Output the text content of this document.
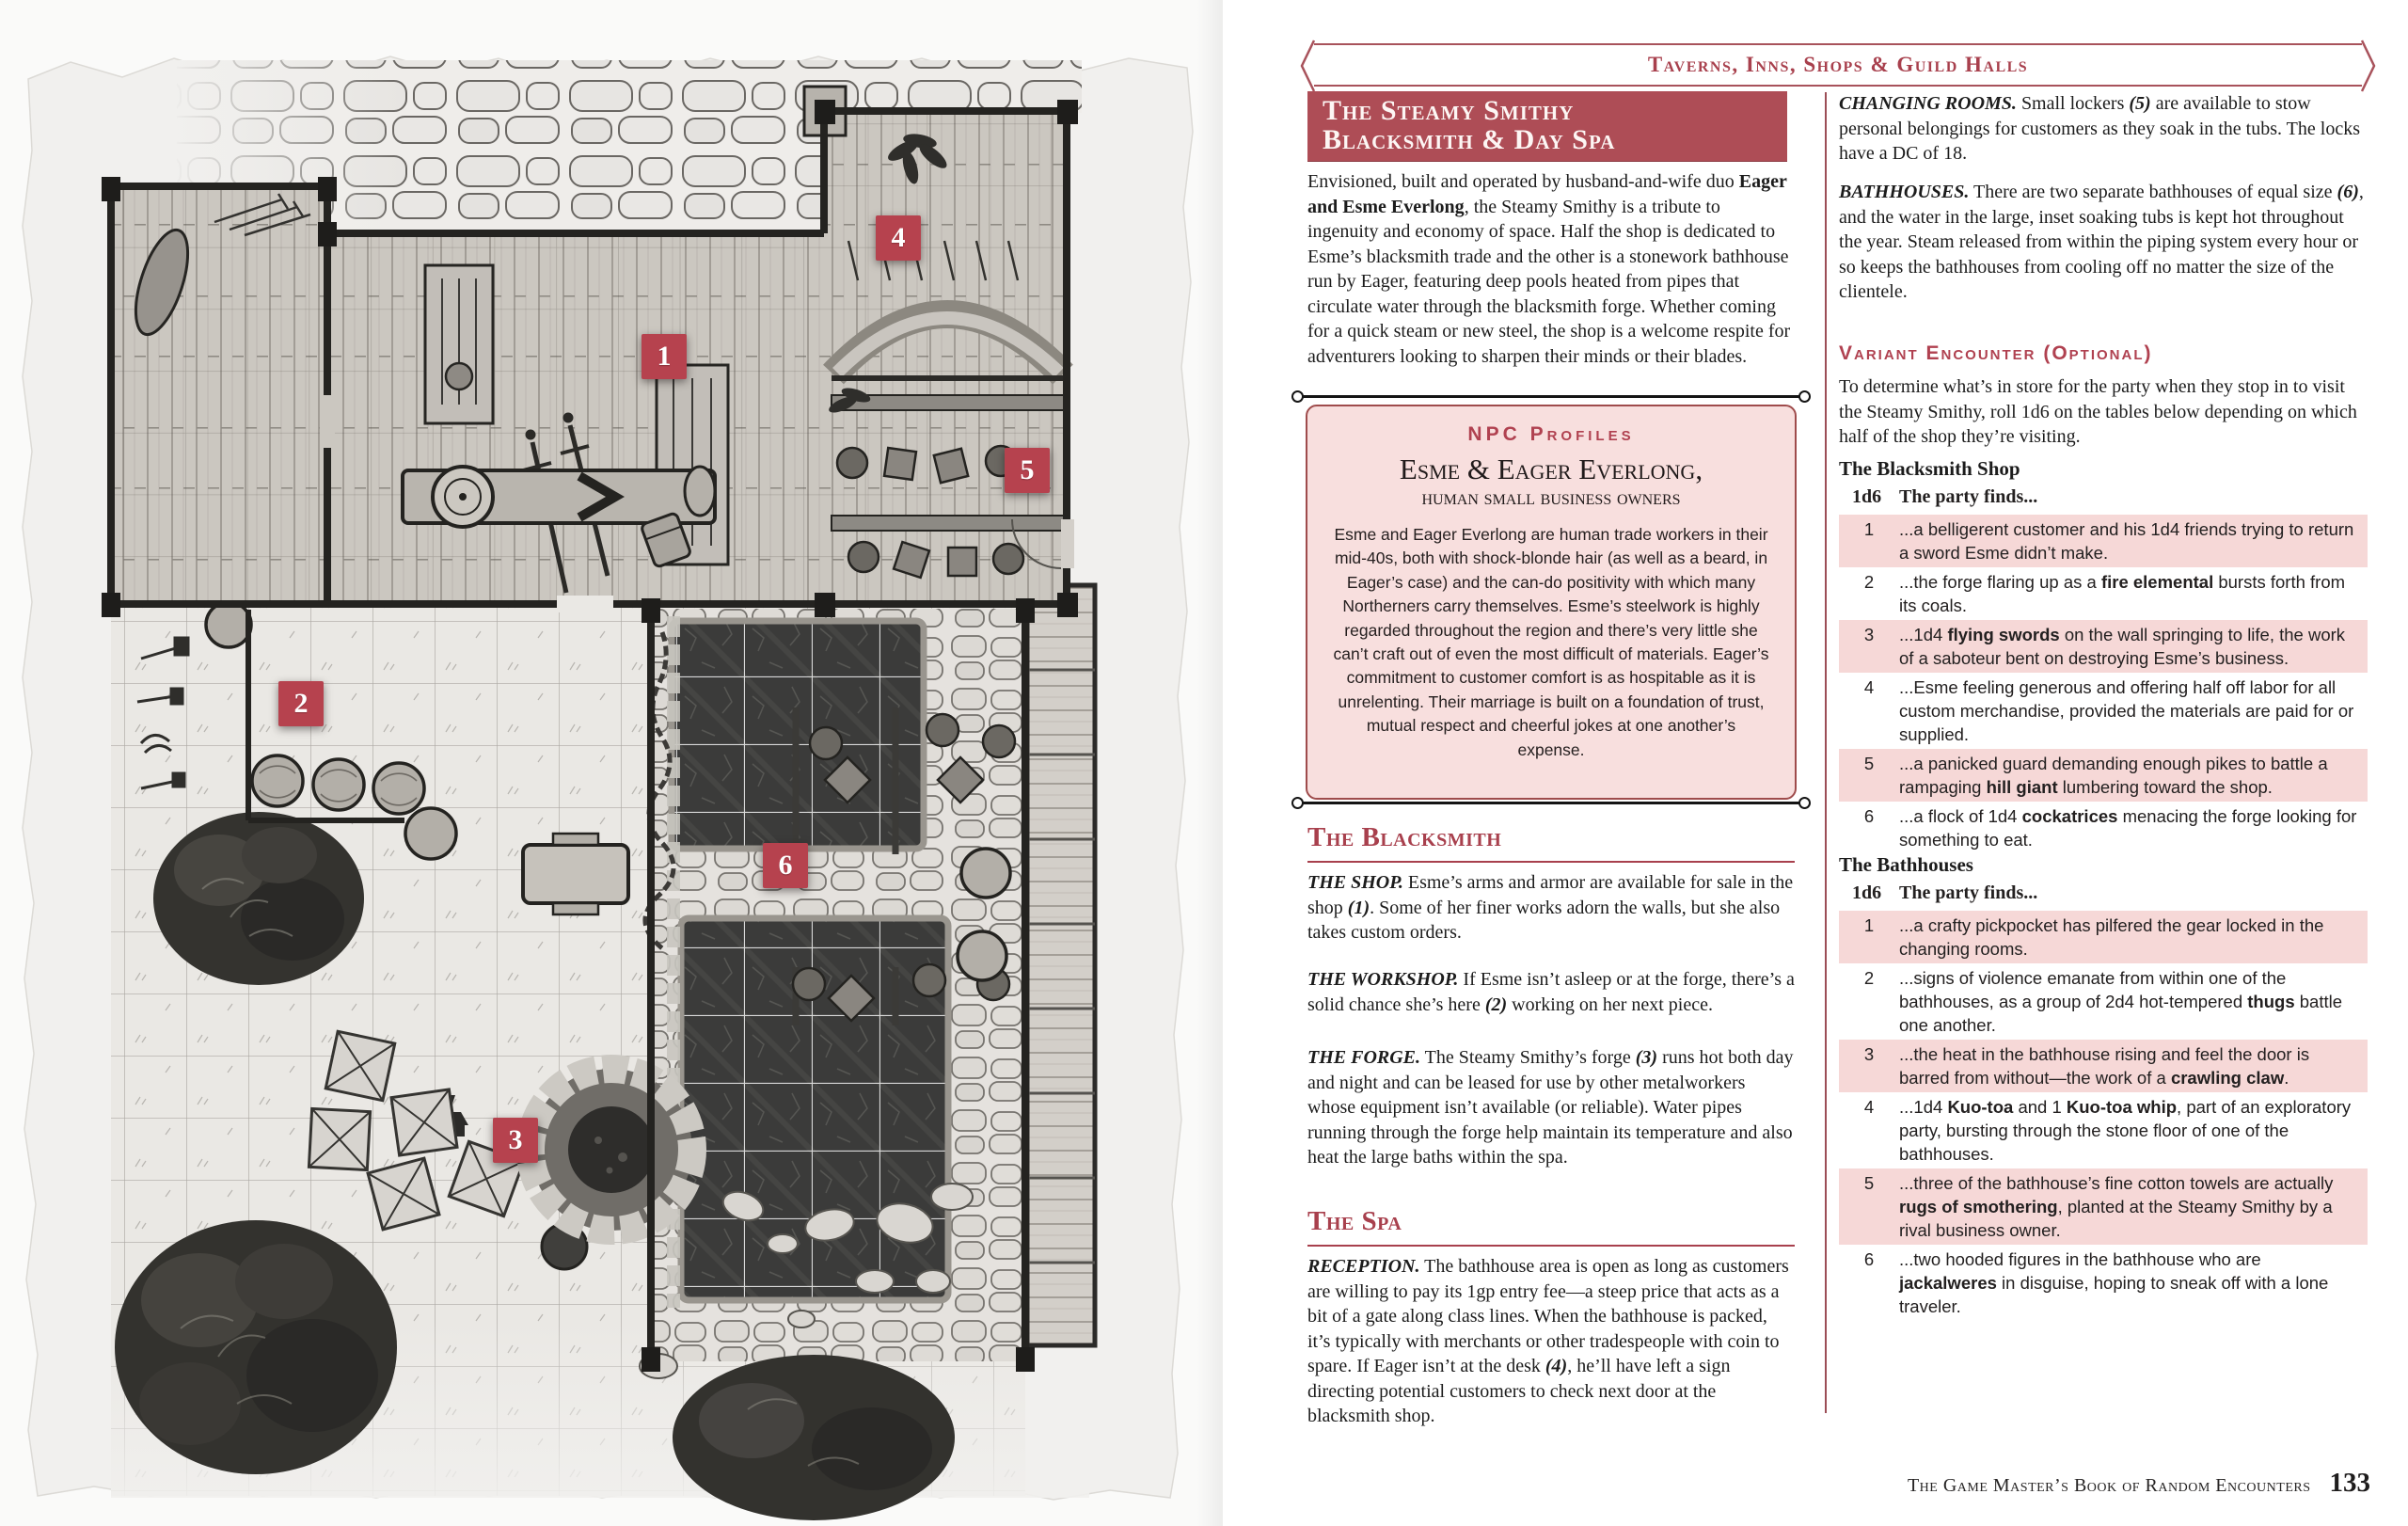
1
2
3
4
5
6
Taverns, Inns, Shops & Guild Halls
The Steamy Smithy
Blacksmith & Day Spa
Envisioned, built and operated by husband-and-wife duo Eager and Esme Everlong, the Steamy Smithy is a tribute to ingenuity and economy of space. Half the shop is dedicated to Esme’s blacksmith trade and the other is a stonework bathhouse run by Eager, featuring deep pools heated from pipes that circulate water through the blacksmith forge. Whether coming for a quick steam or new steel, the shop is a welcome respite for adventurers looking to sharpen their minds or their blades.
NPC Profiles
Esme & Eager Everlong,
human small business owners
Esme and Eager Everlong are human trade workers in their mid-40s, both with shock-blonde hair (as well as a beard, in Eager’s case) and the can-do positivity with which many Northerners carry themselves. Esme’s steelwork is highly regarded throughout the region and there’s very little she can’t craft out of even the most difficult of materials. Eager’s commitment to customer comfort is as hospitable as it is unrelenting. Their marriage is built on a foundation of trust, mutual respect and cheerful jokes at one another’s expense.
The Blacksmith
THE SHOP. Esme’s arms and armor are available for sale in the shop (1). Some of her finer works adorn the walls, but she also takes custom orders.
THE WORKSHOP. If Esme isn’t asleep or at the forge, there’s a solid chance she’s here (2) working on her next piece.
THE FORGE. The Steamy Smithy’s forge (3) runs hot both day and night and can be leased for use by other metalworkers whose equipment isn’t available (or reliable). Water pipes running through the forge help maintain its temperature and also heat the large baths within the spa.
The Spa
RECEPTION. The bathhouse area is open as long as customers are willing to pay its 1gp entry fee—a steep price that acts as a bit of a gate along class lines. When the bathhouse is packed, it’s typically with merchants or other tradespeople with coin to spare. If Eager isn’t at the desk (4), he’ll have left a sign directing potential customers to check next door at the blacksmith shop.
CHANGING ROOMS. Small lockers (5) are available to stow personal belongings for customers as they soak in the tubs. The locks have a DC of 18.
BATHHOUSES. There are two separate bathhouses of equal size (6), and the water in the large, inset soaking tubs is kept hot throughout the year. Steam released from within the piping system every hour or so keeps the bathhouses from cooling off no matter the size of the clientele.
Variant Encounter (Optional)
To determine what’s in store for the party when they stop in to visit the Steamy Smithy, roll 1d6 on the tables below depending on which half of the shop they’re visiting.
The Blacksmith Shop
1d6	The party finds...
1	...a belligerent customer and his 1d4 friends trying to return a sword Esme didn’t make.
2	...the forge flaring up as a fire elemental bursts forth from its coals.
3	...1d4 flying swords on the wall springing to life, the work of a saboteur bent on destroying Esme’s business.
4	...Esme feeling generous and offering half off labor for all custom merchandise, provided the materials are paid for or supplied.
5	...a panicked guard demanding enough pikes to battle a rampaging hill giant lumbering toward the shop.
6	...a flock of 1d4 cockatrices menacing the forge looking for something to eat.
The Bathhouses
1d6	The party finds...
1	...a crafty pickpocket has pilfered the gear locked in the changing rooms.
2	...signs of violence emanate from within one of the bathhouses, as a group of 2d4 hot-tempered thugs battle one another.
3	...the heat in the bathhouse rising and feel the door is barred from without—the work of a crawling claw.
4	...1d4 Kuo-toa and 1 Kuo-toa whip, part of an exploratory party, bursting through the stone floor of one of the bathhouses.
5	...three of the bathhouse’s fine cotton towels are actually rugs of smothering, planted at the Steamy Smithy by a rival business owner.
6	...two hooded figures in the bathhouse who are jackalweres in disguise, hoping to sneak off with a lone traveler.
The Game Master’s Book of Random Encounters 133
